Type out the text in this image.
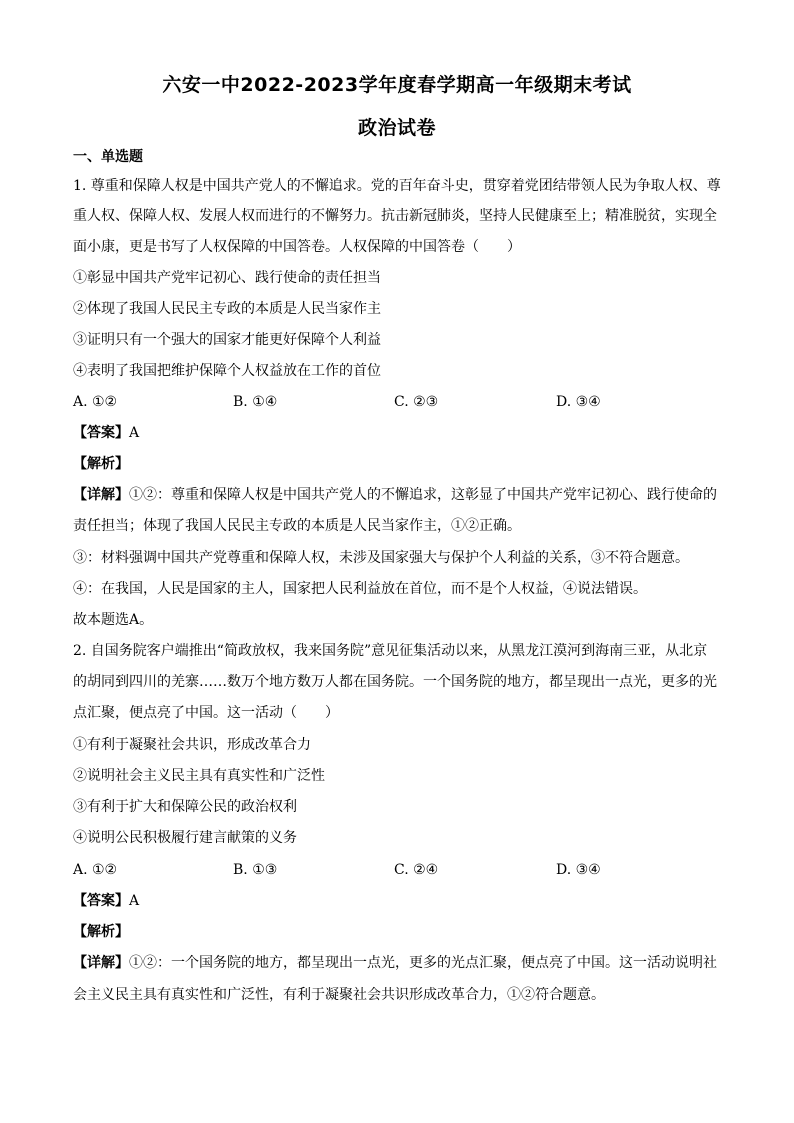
六安一中2022-2023学年度春学期高一年级期末考试
政治试卷
一、单选题
1. 尊重和保障人权是中国共产党人的不懈追求。党的百年奋斗史，贯穿着党团结带领人民为争取人权、尊
重人权、保障人权、发展人权而进行的不懈努力。抗击新冠肺炎，坚持人民健康至上；精准脱贫，实现全
面小康，更是书写了人权保障的中国答卷。人权保障的中国答卷（　　）
①彰显中国共产党牢记初心、践行使命的责任担当
②体现了我国人民民主专政的本质是人民当家作主
③证明只有一个强大的国家才能更好保障个人利益
④表明了我国把维护保障个人权益放在工作的首位
A. ①②	B. ①④	C. ②③	D. ③④
【答案】A
【解析】
【详解】①②：尊重和保障人权是中国共产党人的不懈追求，这彰显了中国共产党牢记初心、践行使命的
责任担当；体现了我国人民民主专政的本质是人民当家作主，①②正确。
③：材料强调中国共产党尊重和保障人权，未涉及国家强大与保护个人利益的关系，③不符合题意。
④：在我国，人民是国家的主人，国家把人民利益放在首位，而不是个人权益，④说法错误。
故本题选A。
2. 自国务院客户端推出“简政放权，我来国务院”意见征集活动以来，从黑龙江漠河到海南三亚，从北京
的胡同到四川的羌寨……数万个地方数万人都在国务院。一个国务院的地方，都呈现出一点光，更多的光
点汇聚，便点亮了中国。这一活动（　　）
①有利于凝聚社会共识，形成改革合力
②说明社会主义民主具有真实性和广泛性
③有利于扩大和保障公民的政治权利
④说明公民积极履行建言献策的义务
A. ①②	B. ①③	C. ②④	D. ③④
【答案】A
【解析】
【详解】①②：一个国务院的地方，都呈现出一点光，更多的光点汇聚，便点亮了中国。这一活动说明社
会主义民主具有真实性和广泛性，有利于凝聚社会共识形成改革合力，①②符合题意。
